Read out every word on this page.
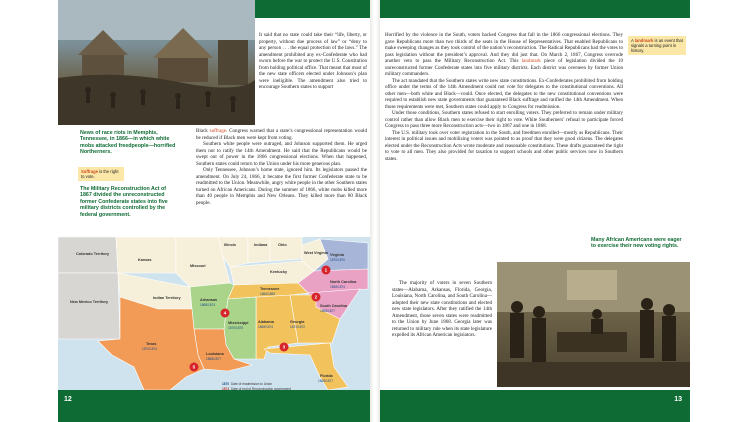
12	13
News of race riots in Memphis, Tennessee, in 1866—in which white mobs attacked freedpeople—horrified Northerners.
Suffrage is the right to vote.
The Military Reconstruction Act of 1867 divided the unreconstructed former Confederate states into five military districts controlled by the federal government.

It said that no state could take their “life, liberty, or property, without due process of law” or “deny to any person . . . the equal protection of the laws.” The amendment prohibited any ex-Confederate who had sworn before the war to protect the U.S. Constitution from holding political office. That meant that most of the new state officers elected under Johnson’s plan were ineligible. The amendment also tried to encourage Southern states to support

Black suffrage. Congress warned that a state’s congressional representation would be reduced if Black men were kept from voting.

Southern white people were outraged, and Johnson supported them. He urged them not to ratify the 14th Amendment. He said that the Republicans would be swept out of power in the 1866 congressional elections. When that happened, Southern states could return to the Union under his more generous plan.

Only Tennessee, Johnson’s home state, ignored him. Its legislators passed the amendment. On July 24, 1866, it became the first former Confederate state to be readmitted to the Union. Meanwhile, angry white people in the other Southern states turned on African Americans. During the summer of 1866, white mobs killed more than 40 people in Memphis and New Orleans. They killed more than 80 Black people.

Colorado Territory
Kansas
Missouri
Illinois	Indiana	Ohio
West Virginia
Kentucky
Indian Territory
New Mexico Territory
Virginia
1870/1870
North Carolina
1868/1874
South Carolina
1868/1877
Tennessee
1866/1869
Arkansas
1868/1874
Mississippi
1870/1875
Alabama
1868/1874
Georgia
1870/1872
Louisiana
1868/1877
Texas
1870/1874
Florida
1868/1877
1
2
3
4
5
1870 Date of readmission to Union
1874 Date of end of Reconstruction government

Horrified by the violence in the South, voters backed Congress that fall in the 1866 congressional elections. They gave Republicans more than two thirds of the seats in the House of Representatives. That enabled Republicans to make sweeping changes as they took control of the nation’s reconstruction. The Radical Republicans had the votes to pass legislation without the president’s approval. And they did just that. On March 2, 1867, Congress overrode another veto to pass the Military Reconstruction Act. This landmark piece of legislation divided the 10 unreconstructed former Confederate states into five military districts. Each district was overseen by former Union military commanders.

The act mandated that the Southern states write new state constitutions. Ex-Confederates prohibited from holding office under the terms of the 14th Amendment could not vote for delegates to the constitutional conventions. All other men—both white and Black—could. Once elected, the delegates to the new constitutional conventions were required to establish new state governments that guaranteed Black suffrage and ratified the 14th Amendment. When those requirements were met, Southern states could apply to Congress for readmission.

Under those conditions, Southern states refused to start enrolling voters. They preferred to remain under military control rather than allow Black men to exercise their right to vote. White Southerners’ refusal to participate forced Congress to pass three more Reconstruction acts—two in 1867 and one in 1868.

The U.S. military took over voter registration in the South, and freedmen enrolled—mostly as Republicans. Their interest in political issues and mobilizing voters was pointed to as proof that they were good citizens. The delegates elected under the Reconstruction Acts wrote moderate and reasonable constitutions. These drafts guaranteed the right to vote to all men. They also provided for taxation to support schools and other public services now in Southern states.

The majority of voters in seven Southern states—Alabama, Arkansas, Florida, Georgia, Louisiana, North Carolina, and South Carolina—adopted their new state constitutions and elected new state legislators. After they ratified the 14th Amendment, those seven states were readmitted to the Union by June 1868. Georgia later was returned to military rule when its state legislature expelled its African American legislators.
A landmark is an event that signals a turning point in history.
Many African Americans were eager to exercise their new voting rights.
